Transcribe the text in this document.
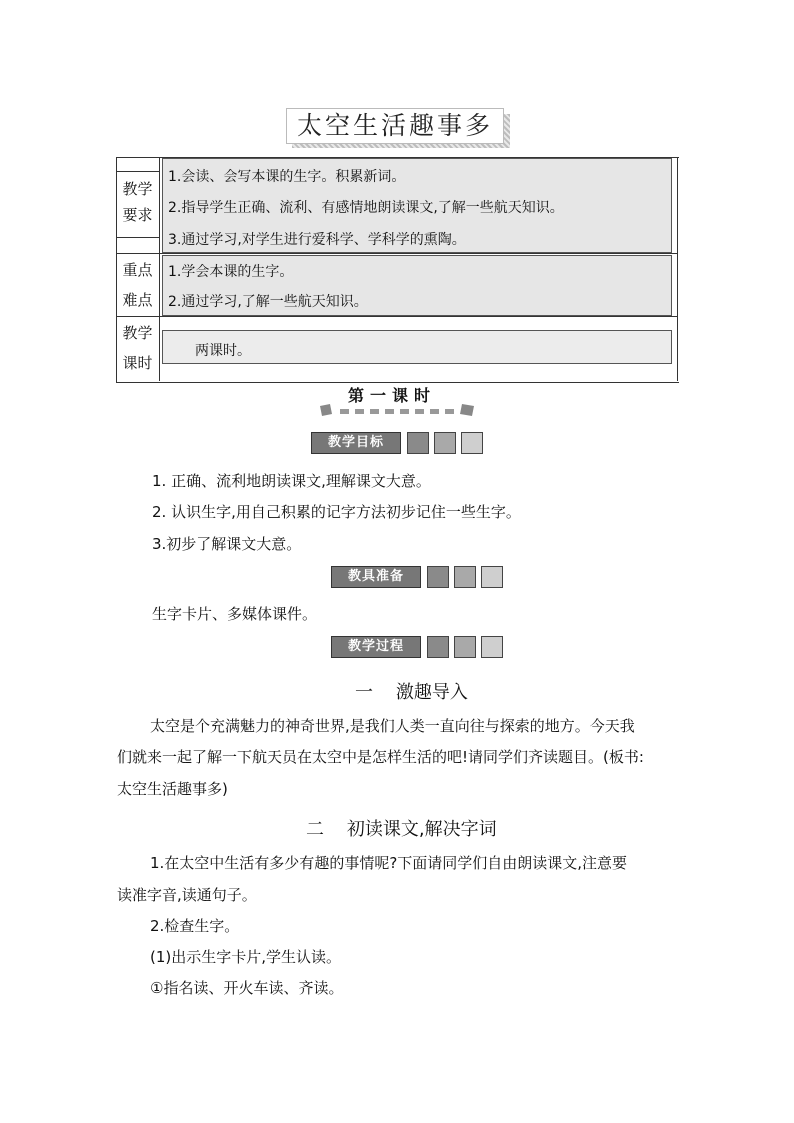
太空生活趣事多
教学
要求
1.会读、会写本课的生字。积累新词。
2.指导学生正确、流利、有感情地朗读课文,了解一些航天知识。
3.通过学习,对学生进行爱科学、学科学的熏陶。
重点
难点
1.学会本课的生字。
2.通过学习,了解一些航天知识。
教学
课时
两课时。
第一课时
教学目标
1. 正确、流利地朗读课文,理解课文大意。
2. 认识生字,用自己积累的记字方法初步记住一些生字。
3.初步了解课文大意。
教具准备
生字卡片、多媒体课件。
教学过程
一    激趣导入
太空是个充满魅力的神奇世界,是我们人类一直向往与探索的地方。今天我
们就来一起了解一下航天员在太空中是怎样生活的吧!请同学们齐读题目。(板书:
太空生活趣事多)
二    初读课文,解决字词
1.在太空中生活有多少有趣的事情呢?下面请同学们自由朗读课文,注意要
读准字音,读通句子。
2.检查生字。
(1)出示生字卡片,学生认读。
①指名读、开火车读、齐读。
